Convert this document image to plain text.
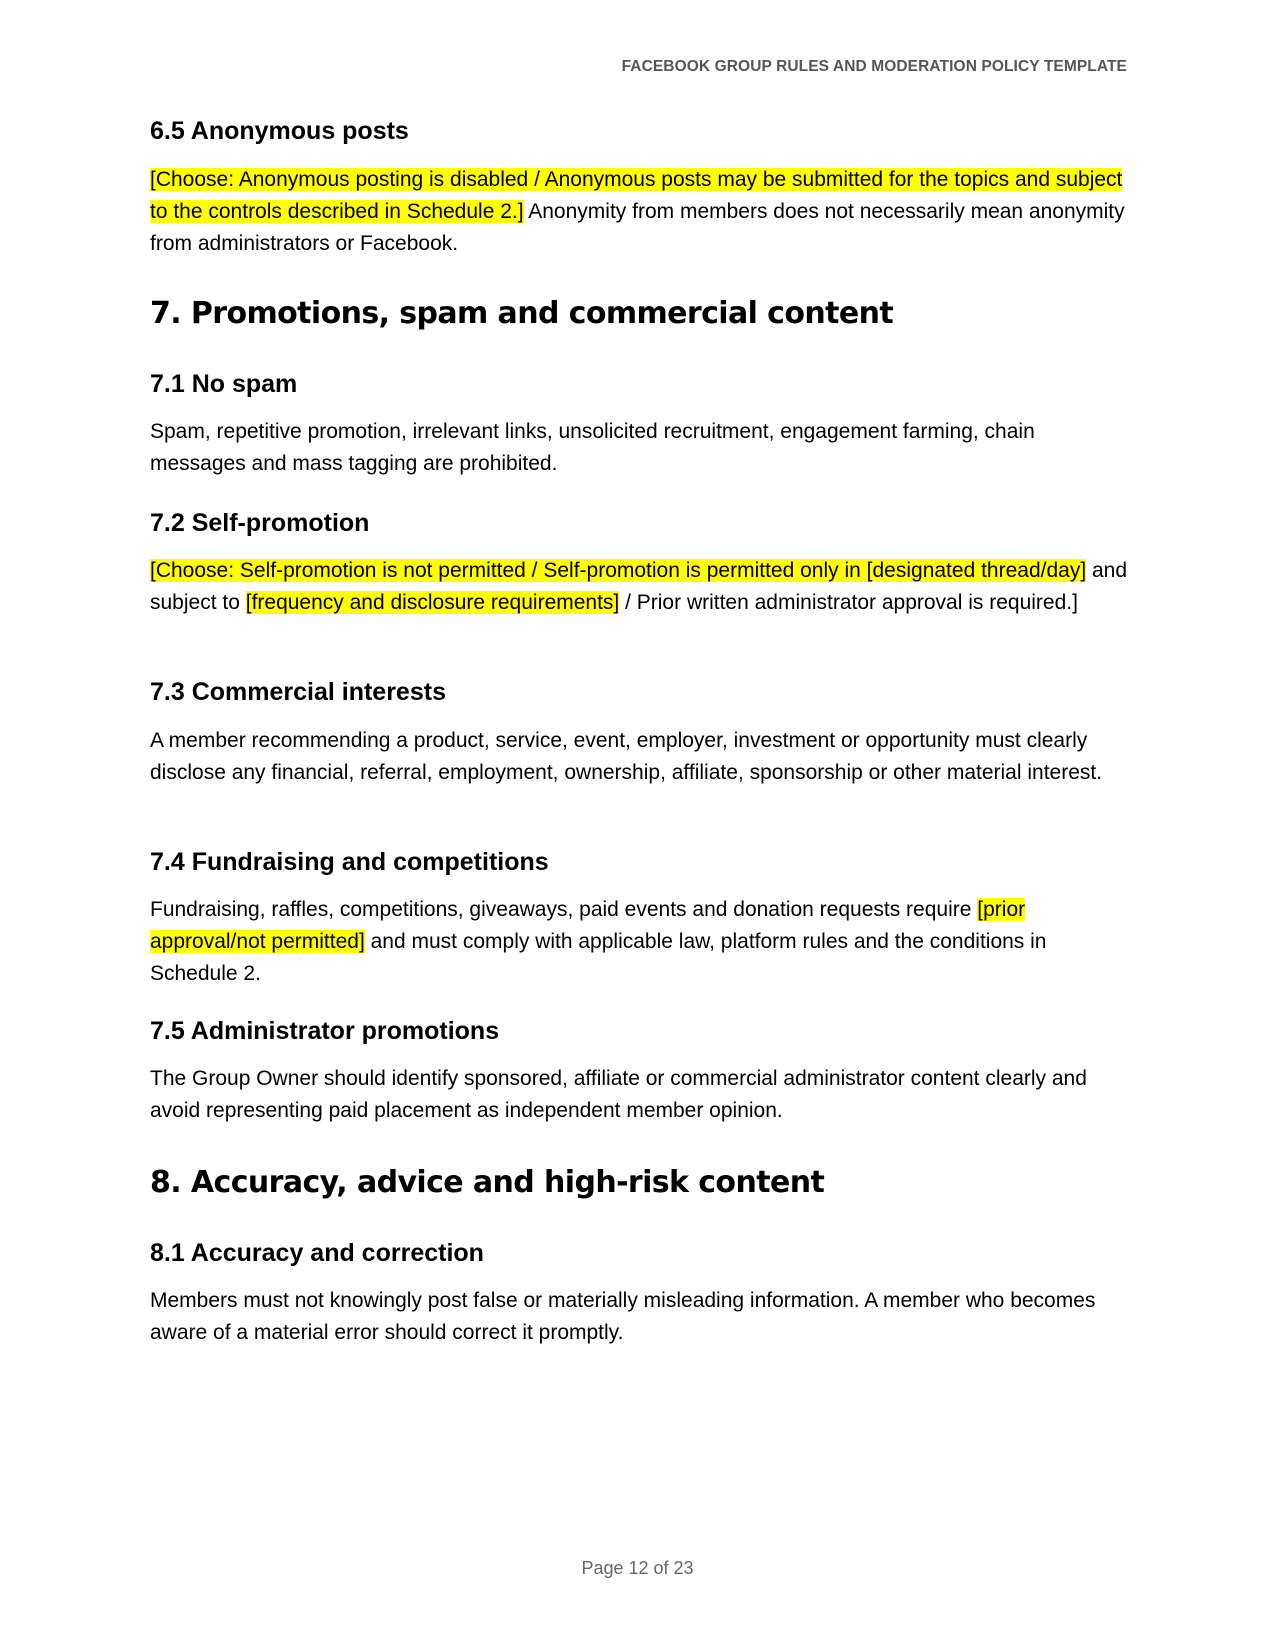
FACEBOOK GROUP RULES AND MODERATION POLICY TEMPLATE
6.5 Anonymous posts

[Choose: Anonymous posting is disabled / Anonymous posts may be submitted for the topics and subject to the controls described in Schedule 2.] Anonymity from members does not necessarily mean anonymity from administrators or Facebook.

7. Promotions, spam and commercial content
7.1 No spam

Spam, repetitive promotion, irrelevant links, unsolicited recruitment, engagement farming, chain messages and mass tagging are prohibited.

7.2 Self-promotion

[Choose: Self-promotion is not permitted / Self-promotion is permitted only in [designated thread/day] and subject to [frequency and disclosure requirements] / Prior written administrator approval is required.]

7.3 Commercial interests

A member recommending a product, service, event, employer, investment or opportunity must clearly disclose any financial, referral, employment, ownership, affiliate, sponsorship or other material interest.

7.4 Fundraising and competitions

Fundraising, raffles, competitions, giveaways, paid events and donation requests require [prior approval/not permitted] and must comply with applicable law, platform rules and the conditions in Schedule 2.

7.5 Administrator promotions

The Group Owner should identify sponsored, affiliate or commercial administrator content clearly and avoid representing paid placement as independent member opinion.

8. Accuracy, advice and high-risk content
8.1 Accuracy and correction

Members must not knowingly post false or materially misleading information. A member who becomes aware of a material error should correct it promptly.

Page 12 of 23
